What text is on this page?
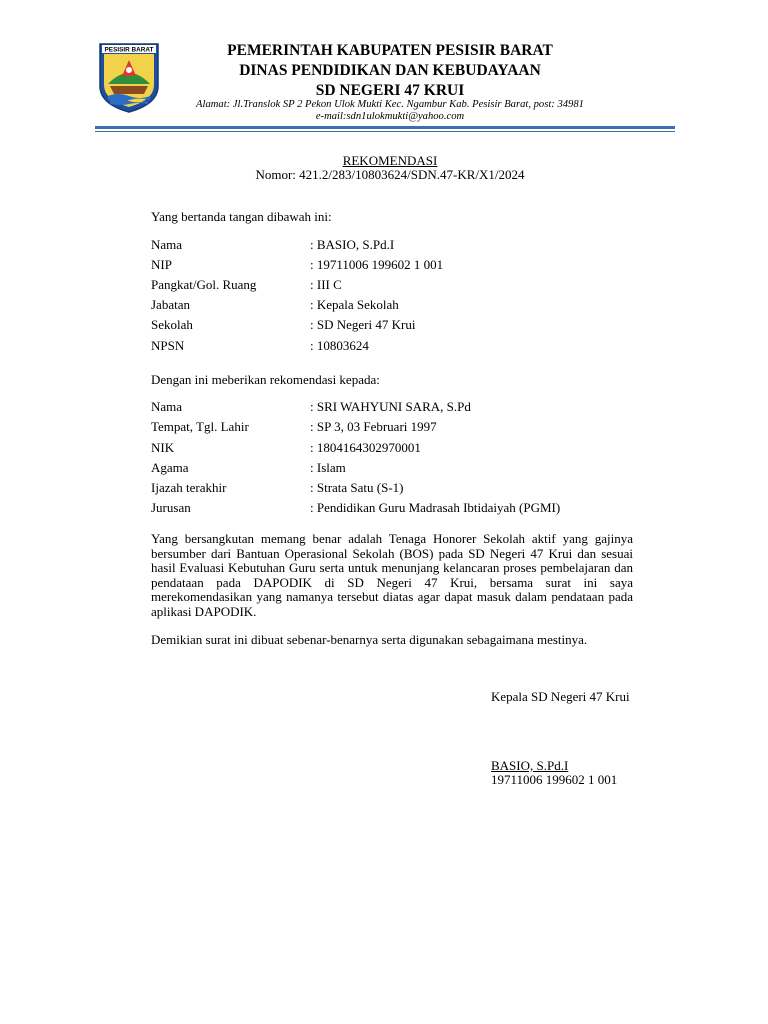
PESISIR BARAT	PEMERINTAH KABUPATEN PESISIR BARAT
DINAS PENDIDIKAN DAN KEBUDAYAAN
SD NEGERI 47 KRUI
Alamat: Jl.Translok SP 2 Pekon Ulok Mukti Kec. Ngambur Kab. Pesisir Barat, post: 34981
e-mail:sdn1ulokmukti@yahoo.com
REKOMENDASI
Nomor: 421.2/283/10803624/SDN.47-KR/X1/2024
Yang bertanda tangan dibawah ini:
Nama	: BASIO, S.Pd.I
NIP	: 19711006 199602 1 001
Pangkat/Gol. Ruang	: III C
Jabatan	: Kepala Sekolah
Sekolah	: SD Negeri 47 Krui
NPSN	: 10803624
Dengan ini meberikan rekomendasi kepada:
Nama	: SRI WAHYUNI SARA, S.Pd
Tempat, Tgl. Lahir	: SP 3, 03 Februari 1997
NIK	: 1804164302970001
Agama	: Islam
Ijazah terakhir	: Strata Satu (S-1)
Jurusan	: Pendidikan Guru Madrasah Ibtidaiyah (PGMI)
Yang bersangkutan memang benar adalah Tenaga Honorer Sekolah aktif yang gajinya bersumber dari Bantuan Operasional Sekolah (BOS) pada SD Negeri 47 Krui dan sesuai hasil Evaluasi Kebutuhan Guru serta untuk menunjang kelancaran proses pembelajaran dan pendataan pada DAPODIK di SD Negeri 47 Krui, bersama surat ini saya merekomendasikan yang namanya tersebut diatas agar dapat masuk dalam pendataan pada aplikasi DAPODIK.
Demikian surat ini dibuat sebenar-benarnya serta digunakan sebagaimana mestinya.
Kepala SD Negeri 47 Krui
BASIO, S.Pd.I
19711006 199602 1 001
